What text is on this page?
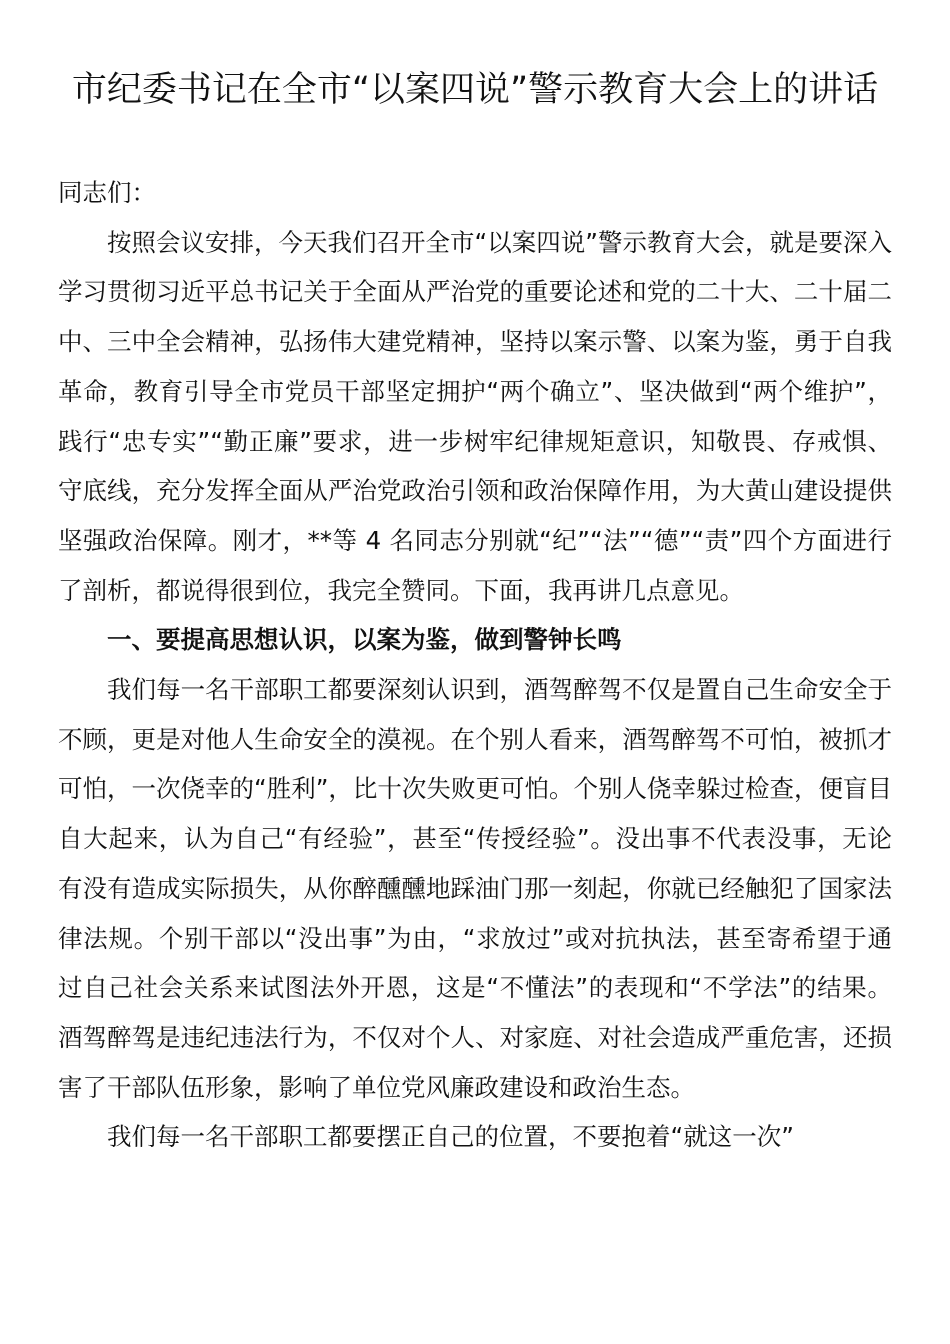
市纪委书记在全市“以案四说”警示教育大会上的讲话

同志们：

按照会议安排，今天我们召开全市“以案四说”警示教育大会，就是要深入学习贯彻习近平总书记关于全面从严治党的重要论述和党的二十大、二十届二中、三中全会精神，弘扬伟大建党精神，坚持以案示警、以案为鉴，勇于自我革命，教育引导全市党员干部坚定拥护“两个确立”、坚决做到“两个维护”，践行“忠专实”“勤正廉”要求，进一步树牢纪律规矩意识，知敬畏、存戒惧、守底线，充分发挥全面从严治党政治引领和政治保障作用，为大黄山建设提供坚强政治保障。刚才，**等 4 名同志分别就“纪”“法”“德”“责”四个方面进行了剖析，都说得很到位，我完全赞同。下面，我再讲几点意见。

一、要提高思想认识，以案为鉴，做到警钟长鸣

我们每一名干部职工都要深刻认识到，酒驾醉驾不仅是置自己生命安全于不顾，更是对他人生命安全的漠视。在个别人看来，酒驾醉驾不可怕，被抓才可怕，一次侥幸的“胜利”，比十次失败更可怕。个别人侥幸躲过检查，便盲目自大起来，认为自己“有经验”，甚至“传授经验”。没出事不代表没事，无论有没有造成实际损失，从你醉醺醺地踩油门那一刻起，你就已经触犯了国家法律法规。个别干部以“没出事”为由，“求放过”或对抗执法，甚至寄希望于通过自己社会关系来试图法外开恩，这是“不懂法”的表现和“不学法”的结果。酒驾醉驾是违纪违法行为，不仅对个人、对家庭、对社会造成严重危害，还损害了干部队伍形象，影响了单位党风廉政建设和政治生态。

我们每一名干部职工都要摆正自己的位置，不要抱着“就这一次”
